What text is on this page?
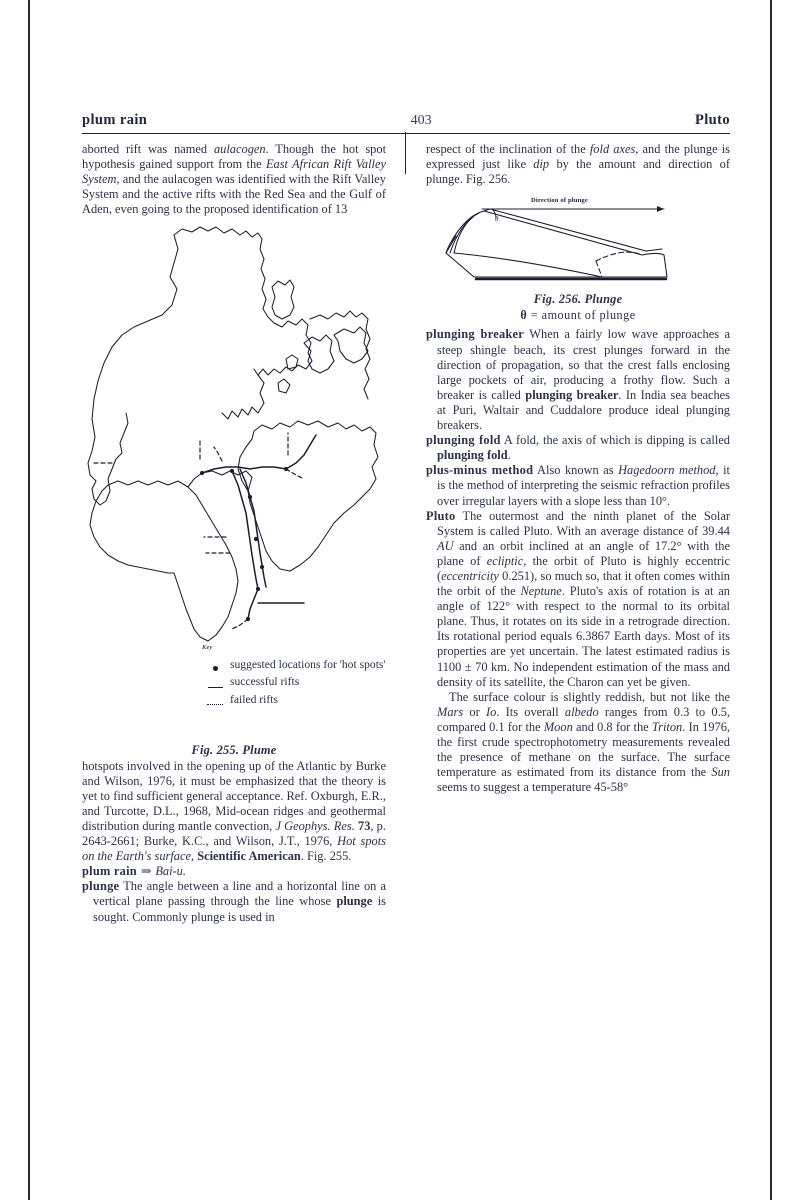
plum rain	403	Pluto

aborted rift was named aulacogen. Though the hot spot hypothesis gained support from the East African Rift Valley System, and the aulacogen was identified with the Rift Valley System and the active rifts with the Red Sea and the Gulf of Aden, even going to the proposed identification of 13

Key
suggested locations for 'hot spots'
successful rifts
failed rifts
Fig. 255. Plume

hotspots involved in the opening up of the Atlantic by Burke and Wilson, 1976, it must be emphasized that the theory is yet to find sufficient general acceptance. Ref. Oxburgh, E.R., and Turcotte, D.L., 1968, Mid-ocean ridges and geothermal distribution during mantle convection, J Geophys. Res. 73, p. 2643-2661; Burke, K.C., and Wilson, J.T., 1976, Hot spots on the Earth's surface, Scientific American. Fig. 255.

plum rain ⇒ Bai-u.

plunge The angle between a line and a horizontal line on a vertical plane passing through the line whose plunge is sought. Commonly plunge is used in

respect of the inclination of the fold axes, and the plunge is expressed just like dip by the amount and direction of plunge. Fig. 256.

Direction of plunge
θ
Fig. 256. Plunge
θ = amount of plunge

plunging breaker When a fairly low wave approaches a steep shingle beach, its crest plunges forward in the direction of propagation, so that the crest falls enclosing large pockets of air, producing a frothy flow. Such a breaker is called plunging breaker. In India sea beaches at Puri, Waltair and Cuddalore produce ideal plunging breakers.

plunging fold A fold, the axis of which is dipping is called plunging fold.

plus-minus method Also known as Hagedoorn method, it is the method of interpreting the seismic refraction profiles over irregular layers with a slope less than 10°.

Pluto The outermost and the ninth planet of the Solar System is called Pluto. With an average distance of 39.44 AU and an orbit inclined at an angle of 17.2° with the plane of ecliptic, the orbit of Pluto is highly eccentric (eccentricity 0.251), so much so, that it often comes within the orbit of the Neptune. Pluto's axis of rotation is at an angle of 122° with respect to the normal to its orbital plane. Thus, it rotates on its side in a retrograde direction. Its rotational period equals 6.3867 Earth days. Most of its properties are yet uncertain. The latest estimated radius is 1100 ± 70 km. No independent estimation of the mass and density of its satellite, the Charon can yet be given.

The surface colour is slightly reddish, but not like the Mars or Io. Its overall albedo ranges from 0.3 to 0.5, compared 0.1 for the Moon and 0.8 for the Triton. In 1976, the first crude spectrophotometry measurements revealed the presence of methane on the surface. The surface temperature as estimated from its distance from the Sun seems to suggest a temperature 45-58°
